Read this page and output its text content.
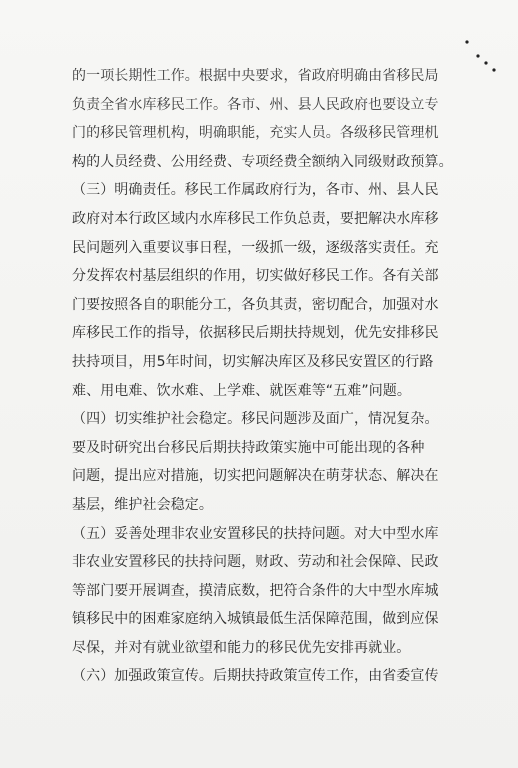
的一项长期性工作。根据中央要求，省政府明确由省移民局
负责全省水库移民工作。各市、州、县人民政府也要设立专
门的移民管理机构，明确职能，充实人员。各级移民管理机
构的人员经费、公用经费、专项经费全额纳入同级财政预算。
（三）明确责任。移民工作属政府行为，各市、州、县人民
政府对本行政区域内水库移民工作负总责，要把解决水库移
民问题列入重要议事日程，一级抓一级，逐级落实责任。充
分发挥农村基层组织的作用，切实做好移民工作。各有关部
门要按照各自的职能分工，各负其责，密切配合，加强对水
库移民工作的指导，依据移民后期扶持规划，优先安排移民
扶持项目，用5年时间，切实解决库区及移民安置区的行路
难、用电难、饮水难、上学难、就医难等“五难”问题。
（四）切实维护社会稳定。移民问题涉及面广，情况复杂。
要及时研究出台移民后期扶持政策实施中可能出现的各种
问题，提出应对措施，切实把问题解决在萌芽状态、解决在
基层，维护社会稳定。
（五）妥善处理非农业安置移民的扶持问题。对大中型水库
非农业安置移民的扶持问题，财政、劳动和社会保障、民政
等部门要开展调查，摸清底数，把符合条件的大中型水库城
镇移民中的困难家庭纳入城镇最低生活保障范围，做到应保
尽保，并对有就业欲望和能力的移民优先安排再就业。
（六）加强政策宣传。后期扶持政策宣传工作，由省委宣传
